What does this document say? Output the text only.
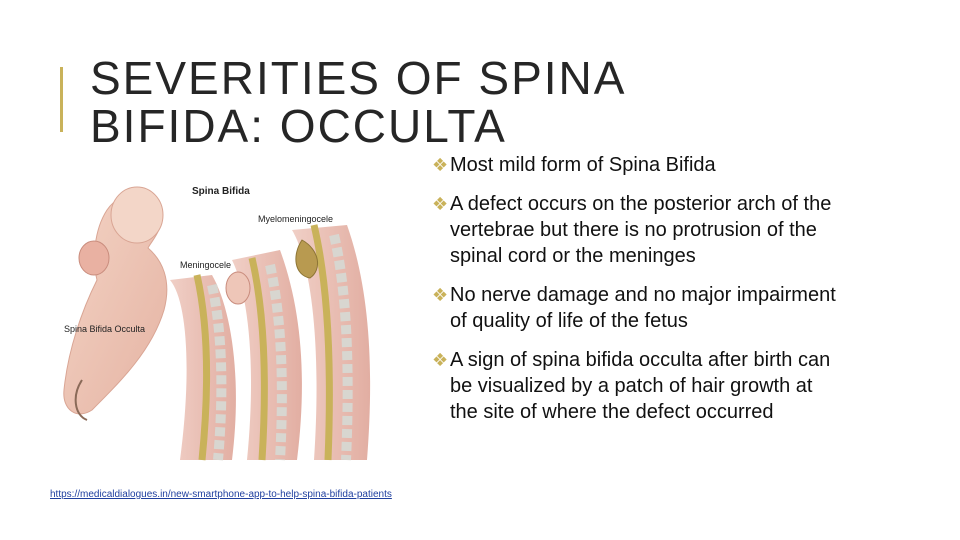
SEVERITIES OF SPINA
BIFIDA: OCCULTA
Spina Bifida
Myelomeningocele
Meningocele
Spina Bifida Occulta
https://medicaldialogues.in/new-smartphone-app-to-help-spina-bifida-patients
❖ Most mild form of Spina Bifida
❖ A defect occurs on the posterior arch of the vertebrae but there is no protrusion of the spinal cord or the meninges
❖ No nerve damage and no major impairment of quality of life of the fetus
❖ A sign of spina bifida occulta after birth can be visualized by a patch of hair growth at the site of where the defect occurred
